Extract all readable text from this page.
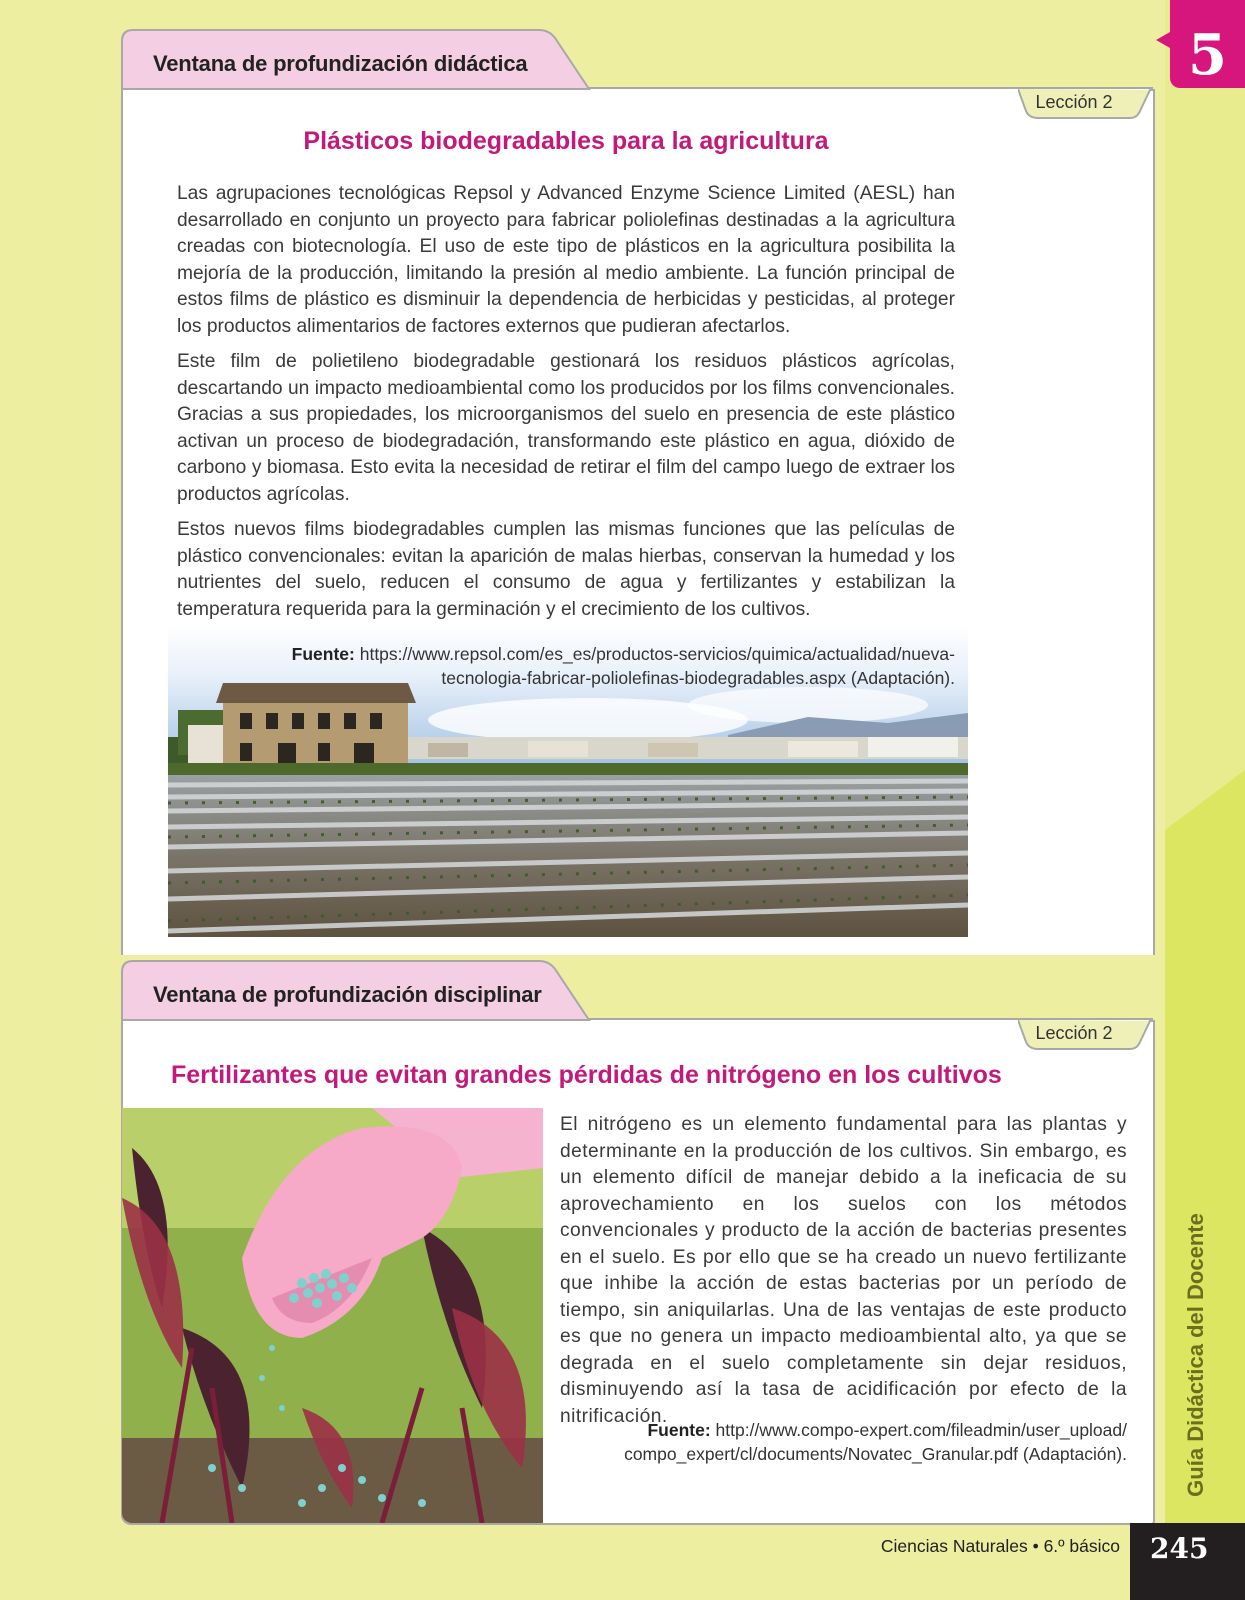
5
Guía Didáctica del Docente
Ventana de profundización didáctica
Lección 2
Plásticos biodegradables para la agricultura

Las agrupaciones tecnológicas Repsol y Advanced Enzyme Science Limited (AESL) han desarrollado en conjunto un proyecto para fabricar poliolefinas destinadas a la agricultura creadas con biotecnología. El uso de este tipo de plásticos en la agricultura posibilita la mejoría de la producción, limitando la presión al medio ambiente. La función principal de estos films de plástico es disminuir la dependencia de herbicidas y pesticidas, al proteger los productos alimentarios de factores externos que pudieran afectarlos.

Este film de polietileno biodegradable gestionará los residuos plásticos agrícolas, descartando un impacto medioambiental como los producidos por los films convencionales. Gracias a sus propiedades, los microorganismos del suelo en presencia de este plástico activan un proceso de biodegradación, transformando este plástico en agua, dióxido de carbono y biomasa. Esto evita la necesidad de retirar el film del campo luego de extraer los productos agrícolas.

Estos nuevos films biodegradables cumplen las mismas funciones que las películas de plástico convencionales: evitan la aparición de malas hierbas, conservan la humedad y los nutrientes del suelo, reducen el consumo de agua y fertilizantes y estabilizan la temperatura requerida para la germinación y el crecimiento de los cultivos.

Fuente: https://www.repsol.com/es_es/productos-servicios/quimica/actualidad/nueva-
tecnologia-fabricar-poliolefinas-biodegradables.aspx (Adaptación).
Ventana de profundización disciplinar
Lección 2
Fertilizantes que evitan grandes pérdidas de nitrógeno en los cultivos

El nitrógeno es un elemento fundamental para las plantas y determinante en la producción de los cultivos. Sin embargo, es un elemento difícil de manejar debido a la ineficacia de su aprovechamiento en los suelos con los métodos convencionales y producto de la acción de bacterias presentes en el suelo. Es por ello que se ha creado un nuevo fertilizante que inhibe la acción de estas bacterias por un período de tiempo, sin aniquilarlas. Una de las ventajas de este producto es que no genera un impacto medioambiental alto, ya que se degrada en el suelo completamente sin dejar residuos, disminuyendo así la tasa de acidificación por efecto de la nitrificación.

Fuente: http://www.compo-expert.com/fileadmin/user_upload/
compo_expert/cl/documents/Novatec_Granular.pdf (Adaptación).
Ciencias Naturales • 6.º básico	245
